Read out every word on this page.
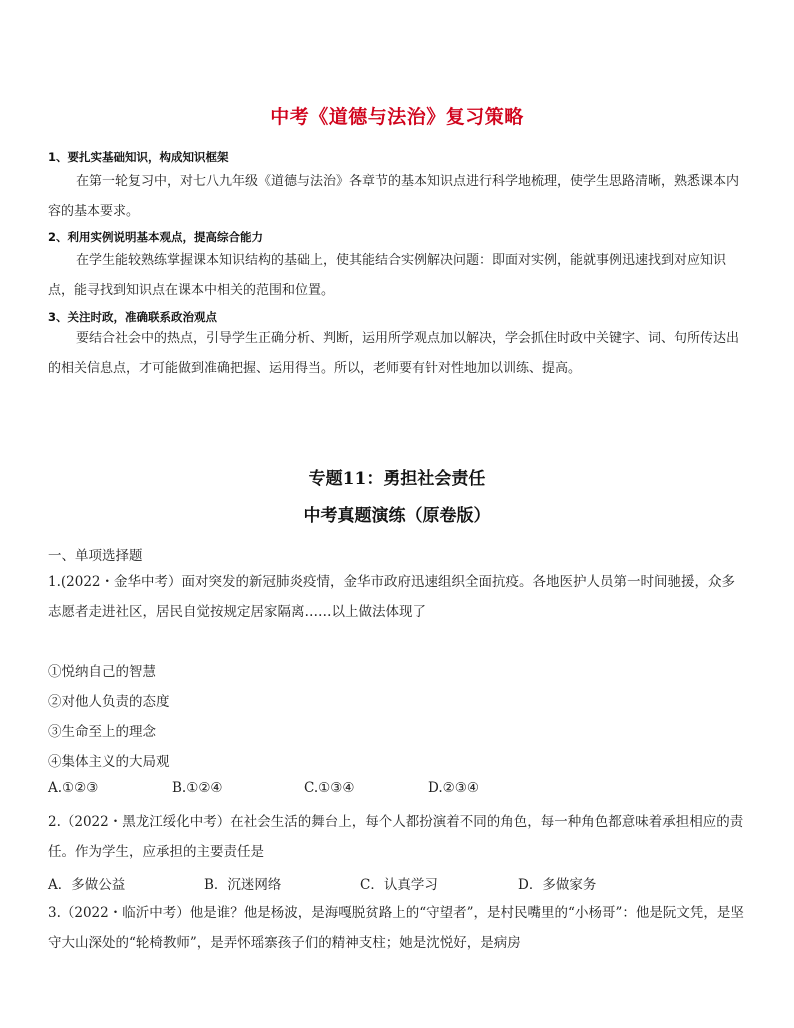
中考《道德与法治》复习策略
1、要扎实基础知识，构成知识框架
在第一轮复习中，对七八九年级《道德与法治》各章节的基本知识点进行科学地梳理，使学生思路清晰，熟悉课本内容的基本要求。
2、利用实例说明基本观点，提高综合能力
在学生能较熟练掌握课本知识结构的基础上，使其能结合实例解决问题：即面对实例，能就事例迅速找到对应知识点，能寻找到知识点在课本中相关的范围和位置。
3、关注时政，准确联系政治观点
要结合社会中的热点，引导学生正确分析、判断，运用所学观点加以解决，学会抓住时政中关键字、词、句所传达出的相关信息点，才可能做到准确把握、运用得当。所以，老师要有针对性地加以训练、提高。
专题11：勇担社会责任
中考真题演练（原卷版）
一、单项选择题
1.(2022・金华中考）面对突发的新冠肺炎疫情，金华市政府迅速组织全面抗疫。各地医护人员第一时间驰援，众多志愿者走进社区，居民自觉按规定居家隔离……以上做法体现了
①悦纳自己的智慧
②对他人负责的态度
③生命至上的理念
④集体主义的大局观
A.①②③	B.①②④	C.①③④	D.②③④
2.（2022・黑龙江绥化中考）在社会生活的舞台上，每个人都扮演着不同的角色，每一种角色都意味着承担相应的责任。作为学生，应承担的主要责任是
A．多做公益	B．沉迷网络	C．认真学习	D．多做家务
3.（2022・临沂中考）他是谁？他是杨波，是海嘎脱贫路上的“守望者”，是村民嘴里的“小杨哥”：他是阮文凭，是坚守大山深处的“轮椅教师”，是弄怀瑶寨孩子们的精神支柱；她是沈悦好，是病房
